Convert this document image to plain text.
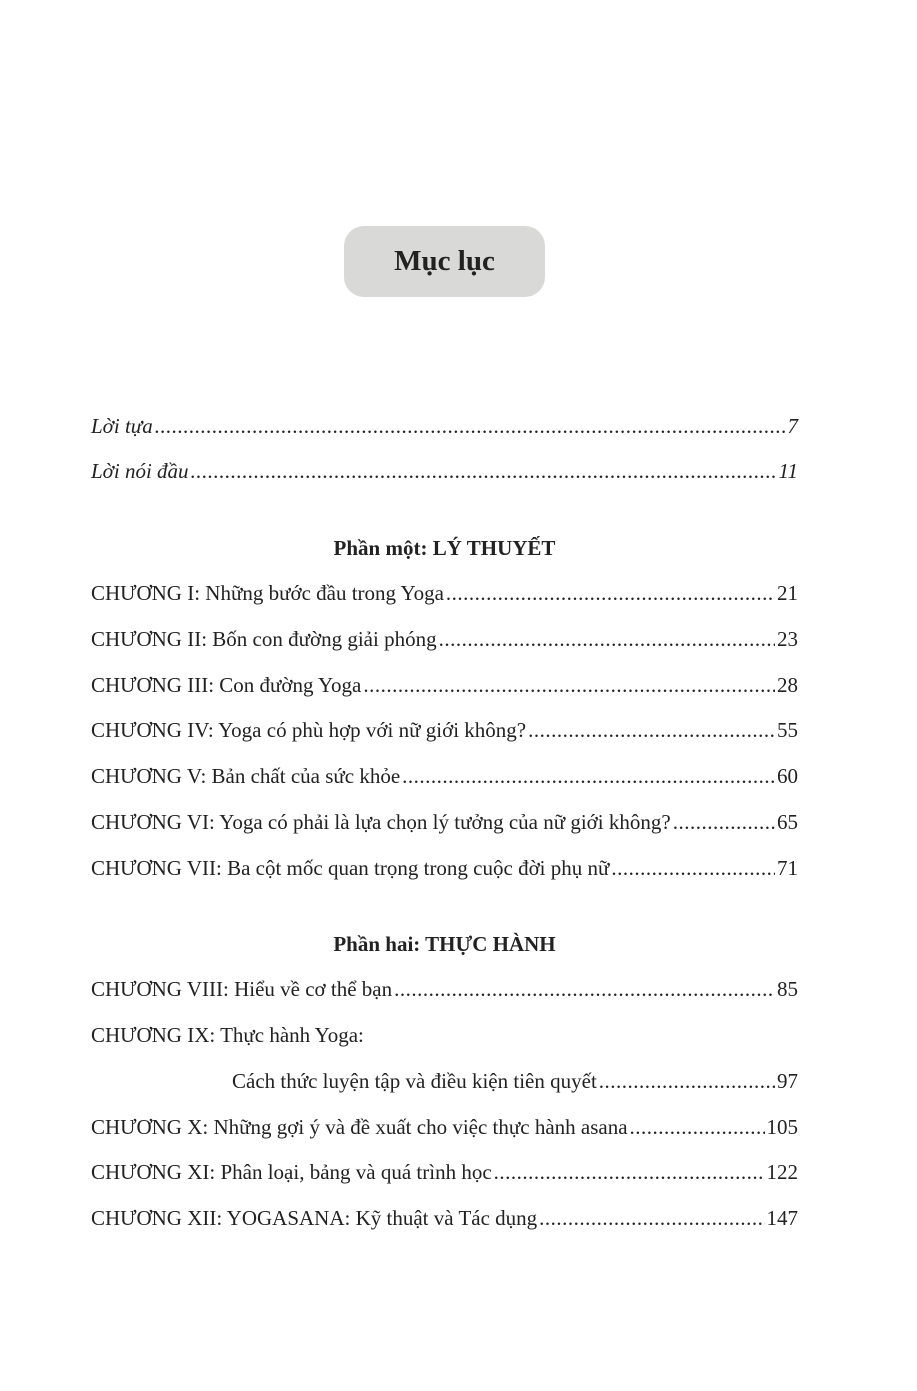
Mục lục
Lời tựa .....	7
Lời nói đầu .....	11
Phần một: LÝ THUYẾT
CHƯƠNG I: Những bước đầu trong Yoga .....	21
CHƯƠNG II: Bốn con đường giải phóng .....	23
CHƯƠNG III: Con đường Yoga .....	28
CHƯƠNG IV: Yoga có phù hợp với nữ giới không? .....	55
CHƯƠNG V: Bản chất của sức khỏe .....	60
CHƯƠNG VI: Yoga có phải là lựa chọn lý tưởng của nữ giới không? .....	65
CHƯƠNG VII: Ba cột mốc quan trọng trong cuộc đời phụ nữ .....	71
Phần hai: THỰC HÀNH
CHƯƠNG VIII: Hiểu về cơ thể bạn .....	85
CHƯƠNG IX: Thực hành Yoga:
Cách thức luyện tập và điều kiện tiên quyết .....	97
CHƯƠNG X: Những gợi ý và đề xuất cho việc thực hành asana .....	105
CHƯƠNG XI: Phân loại, bảng và quá trình học .....	122
CHƯƠNG XII: YOGASANA: Kỹ thuật và Tác dụng .....	147
